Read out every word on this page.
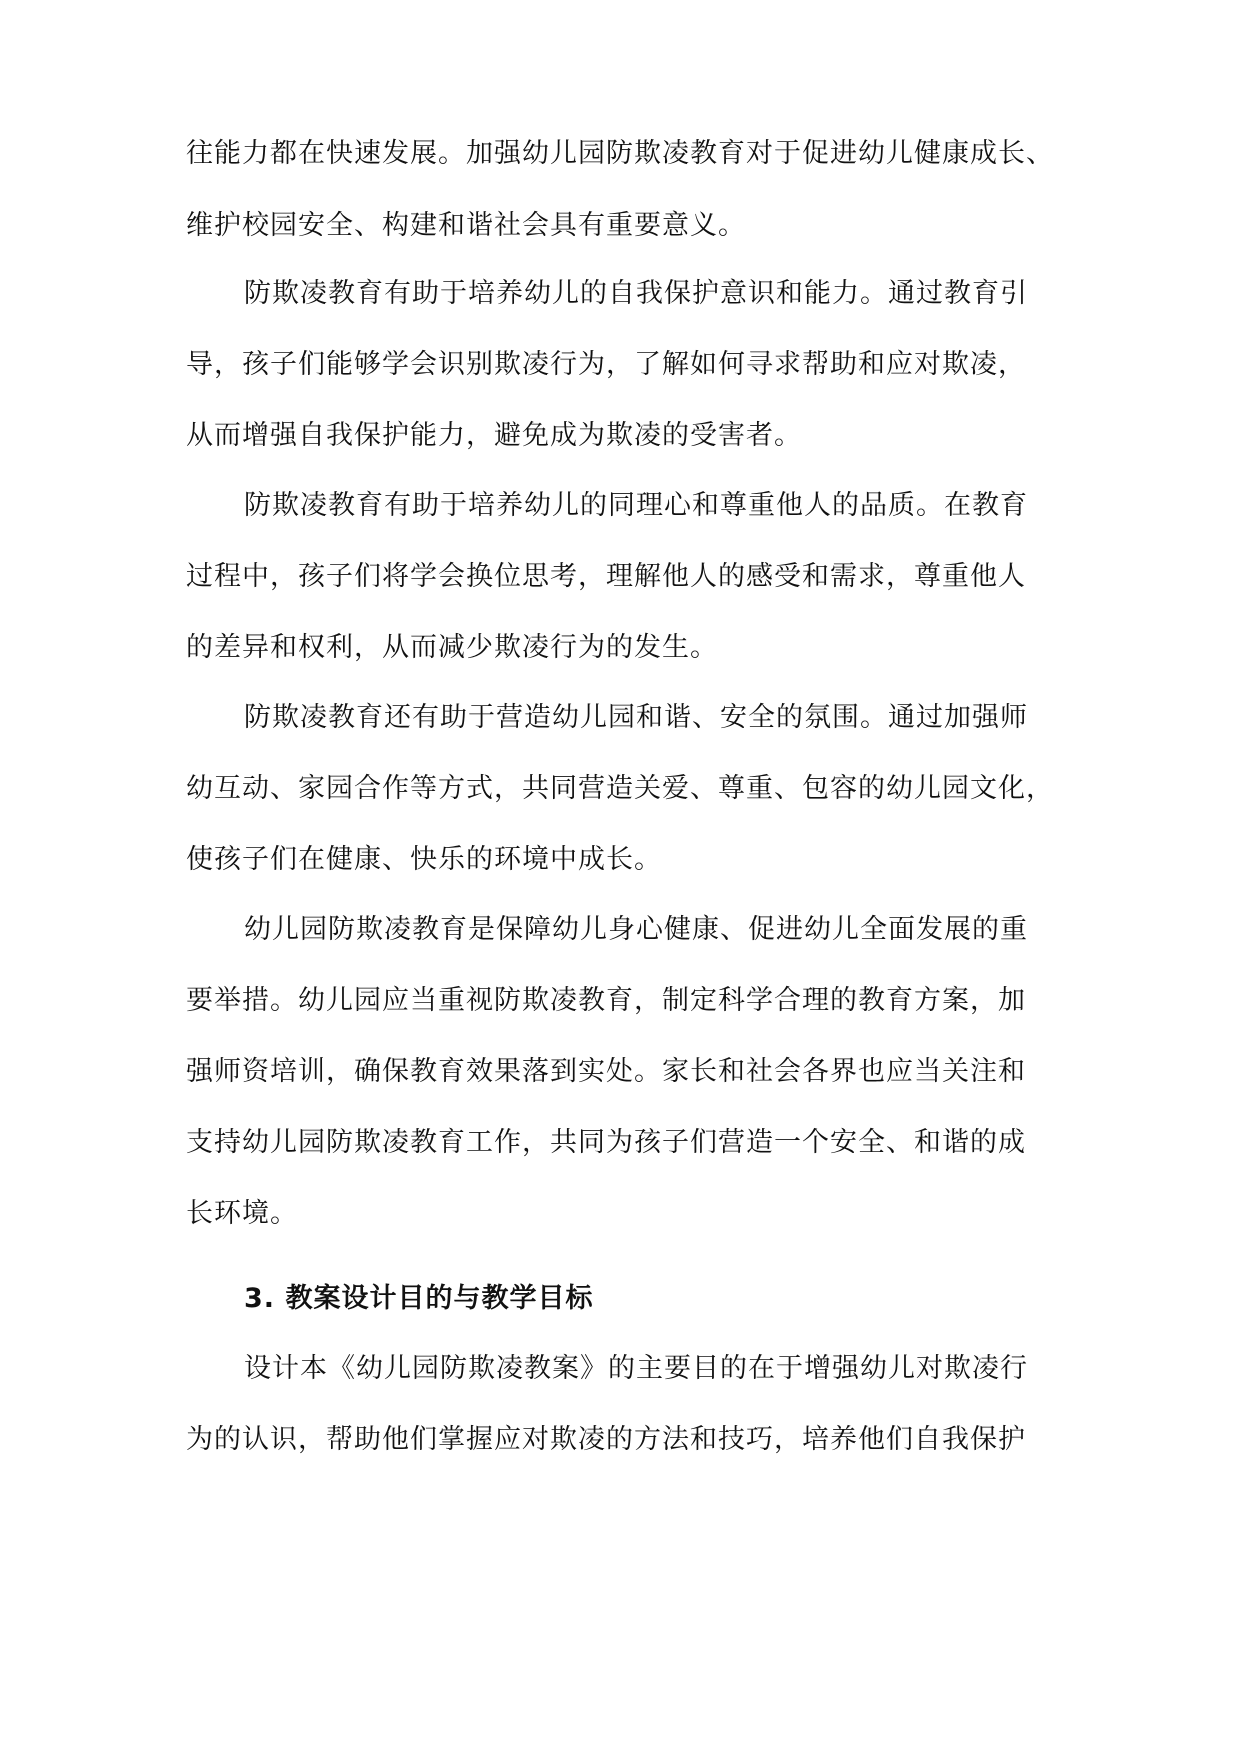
往能力都在快速发展。加强幼儿园防欺凌教育对于促进幼儿健康成长、
维护校园安全、构建和谐社会具有重要意义。
防欺凌教育有助于培养幼儿的自我保护意识和能力。通过教育引
导，孩子们能够学会识别欺凌行为，了解如何寻求帮助和应对欺凌，
从而增强自我保护能力，避免成为欺凌的受害者。
防欺凌教育有助于培养幼儿的同理心和尊重他人的品质。在教育
过程中，孩子们将学会换位思考，理解他人的感受和需求，尊重他人
的差异和权利，从而减少欺凌行为的发生。
防欺凌教育还有助于营造幼儿园和谐、安全的氛围。通过加强师
幼互动、家园合作等方式，共同营造关爱、尊重、包容的幼儿园文化，
使孩子们在健康、快乐的环境中成长。
幼儿园防欺凌教育是保障幼儿身心健康、促进幼儿全面发展的重
要举措。幼儿园应当重视防欺凌教育，制定科学合理的教育方案，加
强师资培训，确保教育效果落到实处。家长和社会各界也应当关注和
支持幼儿园防欺凌教育工作，共同为孩子们营造一个安全、和谐的成
长环境。
3. 教案设计目的与教学目标
设计本《幼儿园防欺凌教案》的主要目的在于增强幼儿对欺凌行
为的认识，帮助他们掌握应对欺凌的方法和技巧，培养他们自我保护
